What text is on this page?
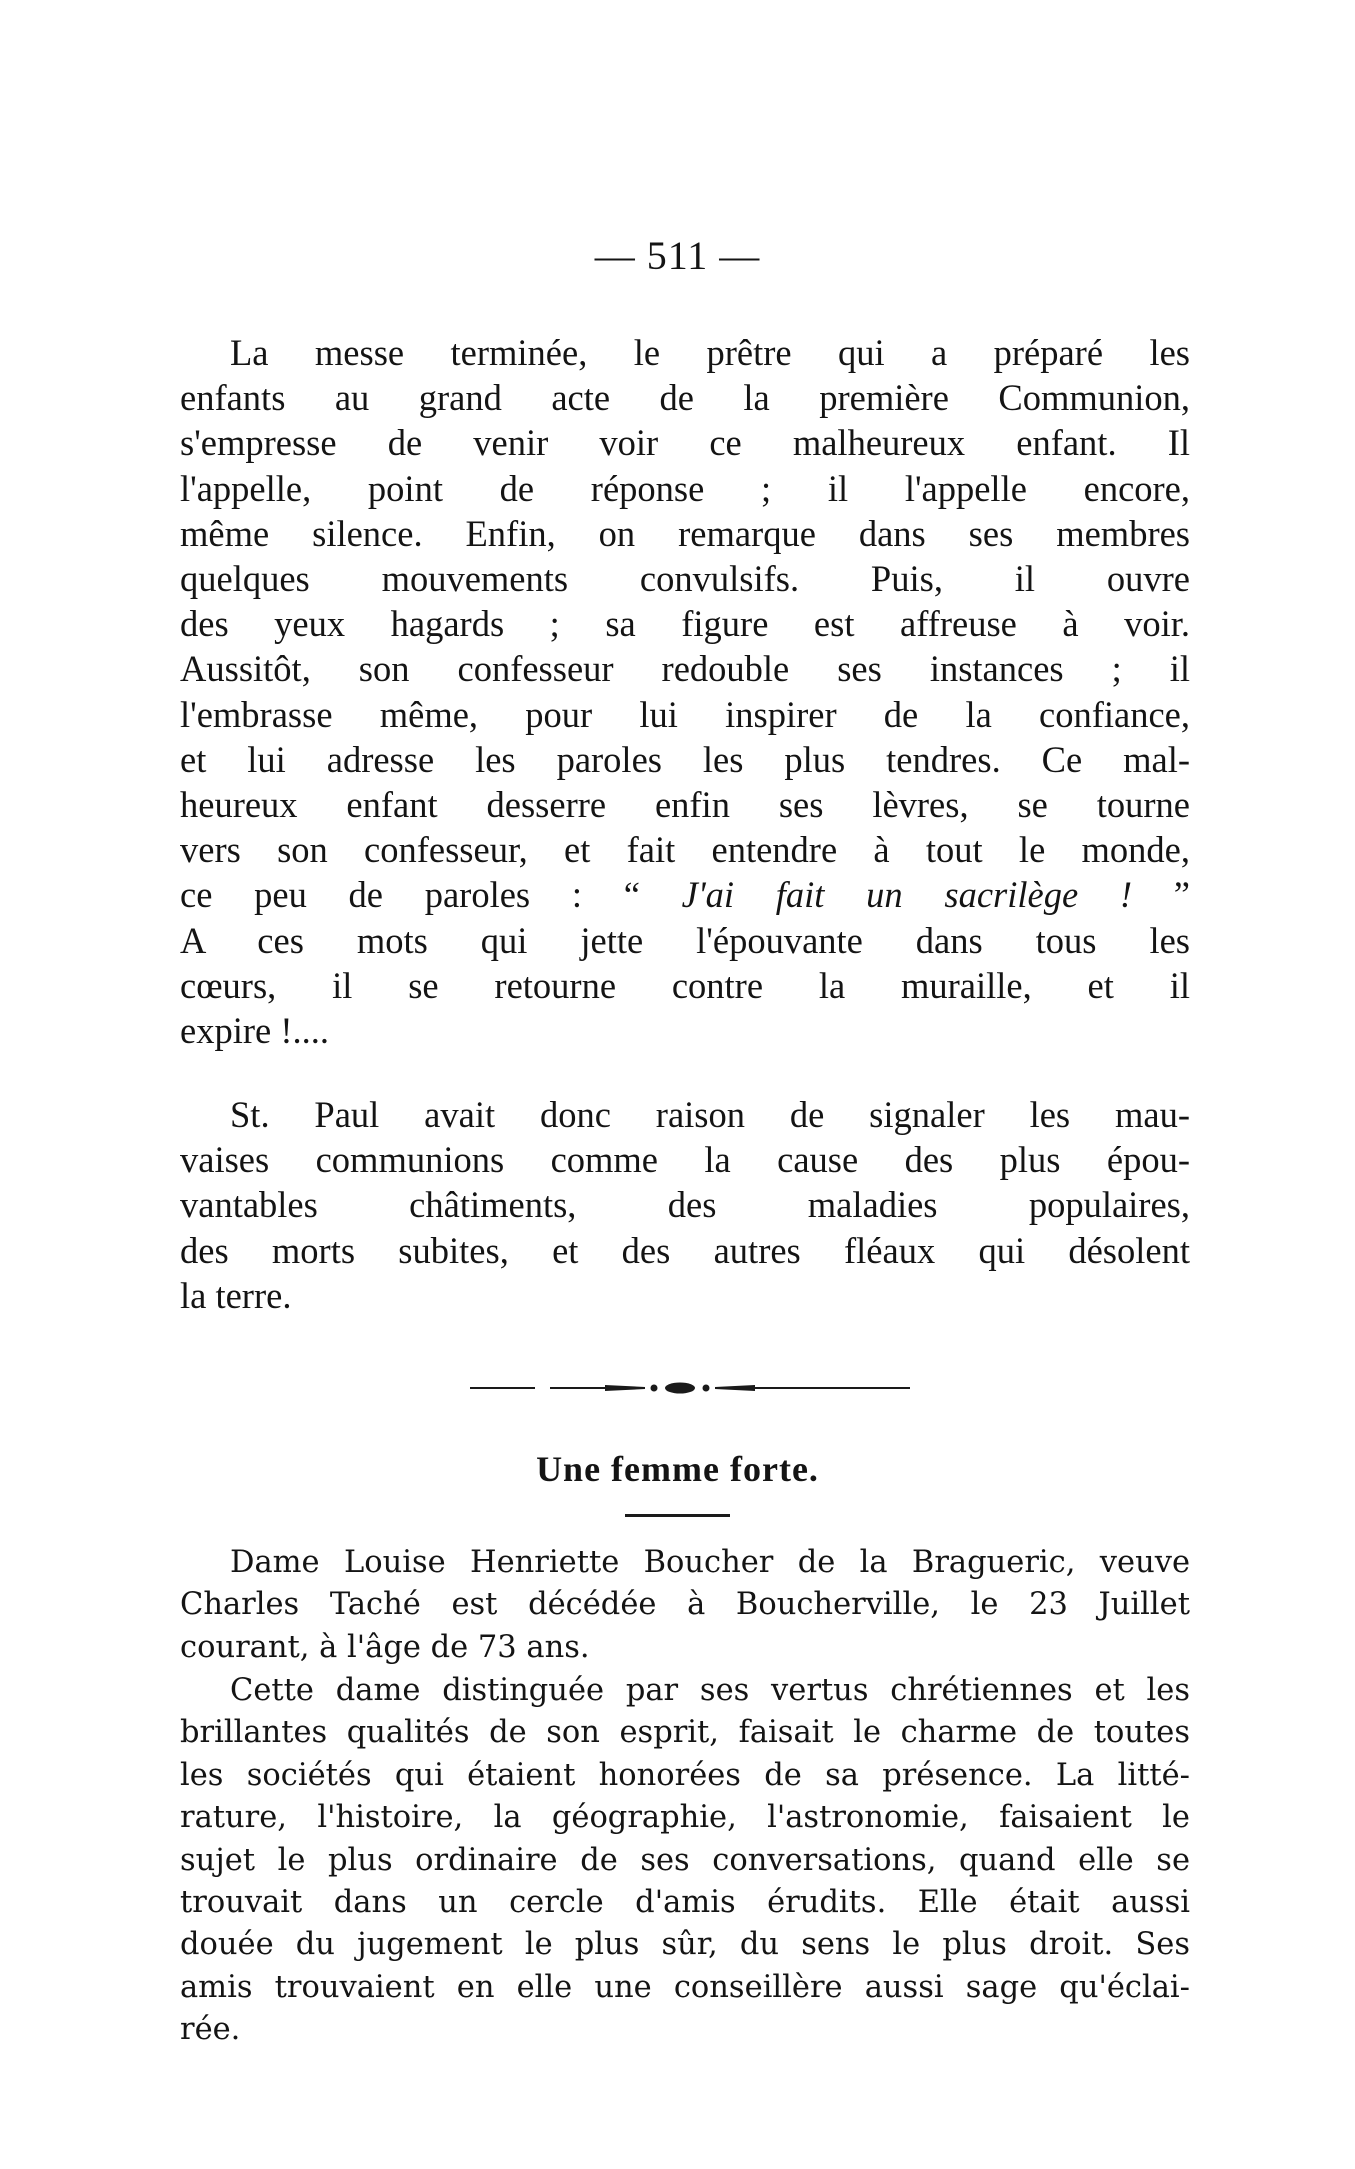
— 511 —
La messe terminée, le prêtre qui a préparé les
enfants au grand acte de la première Communion,
s'empresse de venir voir ce malheureux enfant. Il
l'appelle, point de réponse ; il l'appelle encore,
même silence. Enfin, on remarque dans ses membres
quelques mouvements convulsifs. Puis, il ouvre
des yeux hagards ; sa figure est affreuse à voir.
Aussitôt, son confesseur redouble ses instances ; il
l'embrasse même, pour lui inspirer de la confiance,
et lui adresse les paroles les plus tendres. Ce mal-
heureux enfant desserre enfin ses lèvres, se tourne
vers son confesseur, et fait entendre à tout le monde,
ce peu de paroles : “ J'ai fait un sacrilège ! ”
A ces mots qui jette l'épouvante dans tous les
cœurs, il se retourne contre la muraille, et il
expire !....
St. Paul avait donc raison de signaler les mau-
vaises communions comme la cause des plus épou-
vantables châtiments, des maladies populaires,
des morts subites, et des autres fléaux qui désolent
la terre.
Une femme forte.
Dame Louise Henriette Boucher de la Bragueric, veuve
Charles Taché est décédée à Boucherville, le 23 Juillet
courant, à l'âge de 73 ans.
Cette dame distinguée par ses vertus chrétiennes et les
brillantes qualités de son esprit, faisait le charme de toutes
les sociétés qui étaient honorées de sa présence. La litté-
rature, l'histoire, la géographie, l'astronomie, faisaient le
sujet le plus ordinaire de ses conversations, quand elle se
trouvait dans un cercle d'amis érudits. Elle était aussi
douée du jugement le plus sûr, du sens le plus droit. Ses
amis trouvaient en elle une conseillère aussi sage qu'éclai-
rée.
